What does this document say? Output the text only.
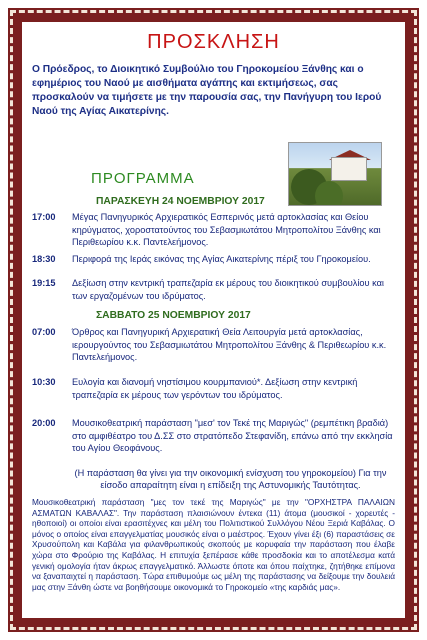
ΠΡΟΣΚΛΗΣΗ
Ο Πρόεδρος, το Διοικητικό Συμβούλιο του Γηροκομείου Ξάνθης και ο εφημέριος του Ναού με αισθήματα αγάπης και εκτιμήσεως, σας προσκαλούν να τιμήσετε με την παρουσία σας, την Πανήγυρη του Ιερού Ναού της Αγίας Αικατερίνης.
ΠΡΟΓΡΑΜΜΑ
ΠΑΡΑΣΚΕΥΗ 24 ΝΟΕΜΒΡΙΟΥ 2017
17:00	Μέγας Πανηγυρικός Αρχιερατικός Εσπερινός μετά αρτοκλασίας και Θείου κηρύγματος, χοροστατούντος του Σεβασμιωτάτου Μητροπολίτου Ξάνθης και Περιθεωρίου κ.κ. Παντελεήμονος.
18:30	Περιφορά της Ιεράς εικόνας της Αγίας Αικατερίνης πέριξ του Γηροκομείου.
19:15	Δεξίωση στην κεντρική τραπεζαρία εκ μέρους του διοικητικού συμβουλίου και των εργαζομένων του ιδρύματος.
ΣΑΒΒΑΤΟ 25 ΝΟΕΜΒΡΙΟΥ 2017
07:00	Όρθρος και Πανηγυρική Αρχιερατική Θεία Λειτουργία μετά αρτοκλασίας, ιερουργούντος του Σεβασμιωτάτου Μητροπολίτου Ξάνθης & Περιθεωρίου κ.κ. Παντελεήμονος.
10:30	Ευλογία και διανομή νηστίσιμου κουρμπανιού*. Δεξίωση στην κεντρική τραπεζαρία εκ μέρους των γερόντων του ιδρύματος.
20:00	Μουσικοθεατρική παράσταση "μεσ' τον Τεκέ της Μαριγώς" (ρεμπέτικη βραδιά) στο αμφιθέατρο του Δ.ΣΣ στο στρατόπεδο Στεφανίδη, επάνω από την εκκλησία του Αγίου Θεοφάνους.
(Η παράσταση θα γίνει για την οικονομική ενίσχυση του γηροκομείου) Για την είσοδο απαραίτητη είναι η επίδειξη της Αστυνομικής Ταυτότητας.
Μουσικοθεατρική παράσταση "μες τον τεκέ της Μαριγώς" με την "ΟΡΧΗΣΤΡΑ ΠΑΛΑΙΩΝ ΑΣΜΑΤΩΝ ΚΑΒΑΛΑΣ". Την παράσταση πλαισιώνουν έντεκα (11) άτομα (μουσικοί - χορευτές - ηθοποιοί) οι οποίοι είναι ερασιτέχνες και μέλη του Πολιτιστικού Συλλόγου Νέου Ξεριά Καβάλας. Ο μόνος ο οποίος είναι επαγγελματίας μουσικός είναι ο μαέστρος. Έχουν γίνει έξι (6) παραστάσεις σε Χρυσούπολη και Καβάλα για φιλανθρωπικούς σκοπούς με κορυφαία την παράσταση που έλαβε χώρα στο Φρούριο της Καβάλας. Η επιτυχία ξεπέρασε κάθε προσδοκία και το αποτέλεσμα κατά γενική ομολογία ήταν άκρως επαγγελματικό. Άλλωστε όποτε και όπου παίχτηκε, ζητήθηκε επίμονα να ξαναπαιχτεί η παράσταση. Τώρα επιθυμούμε ως μέλη της παράστασης να δείξουμε την δουλειά μας στην Ξάνθη ώστε να βοηθήσουμε οικονομικά το Γηροκομείο «της καρδιάς μας».
